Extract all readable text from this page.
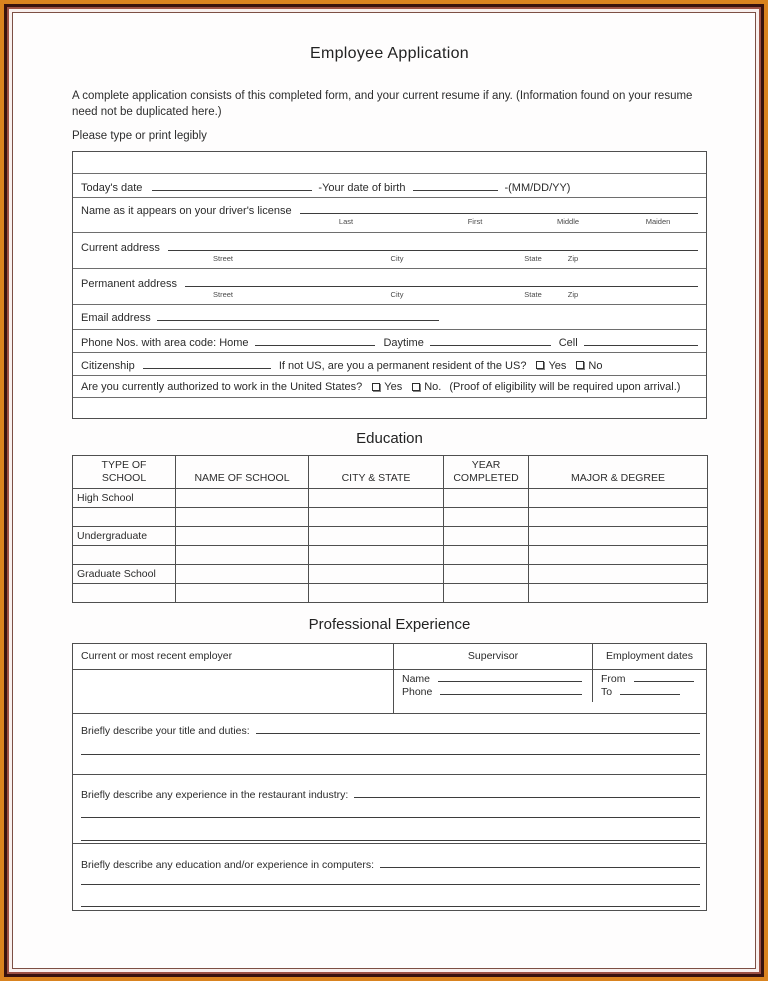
Employee Application

A complete application consists of this completed form, and your current resume if any. (Information found on your resume need not be duplicated here.)

Please type or print legibly

Today's date	-Your date of birth	-(MM/DD/YY)
Name as it appears on your driver's license
Last	First	Middle	Maiden
Current address
Street	City	State	Zip
Permanent address
Street	City	State	Zip
Email address
Phone Nos. with area code: Home	Daytime	Cell
Citizenship	If not US, are you a permanent resident of the US? Yes No
Are you currently authorized to work in the United States? Yes No. (Proof of eligibility will be required upon arrival.)
Education
TYPE OF SCHOOL	NAME OF SCHOOL	CITY & STATE	YEAR COMPLETED	MAJOR & DEGREE
High School				

Undergraduate				

Graduate School				

Professional Experience
Current or most recent employer	Supervisor	Employment dates
Name
Phone
From
To
Briefly describe your title and duties:
Briefly describe any experience in the restaurant industry:
Briefly describe any education and/or experience in computers:
